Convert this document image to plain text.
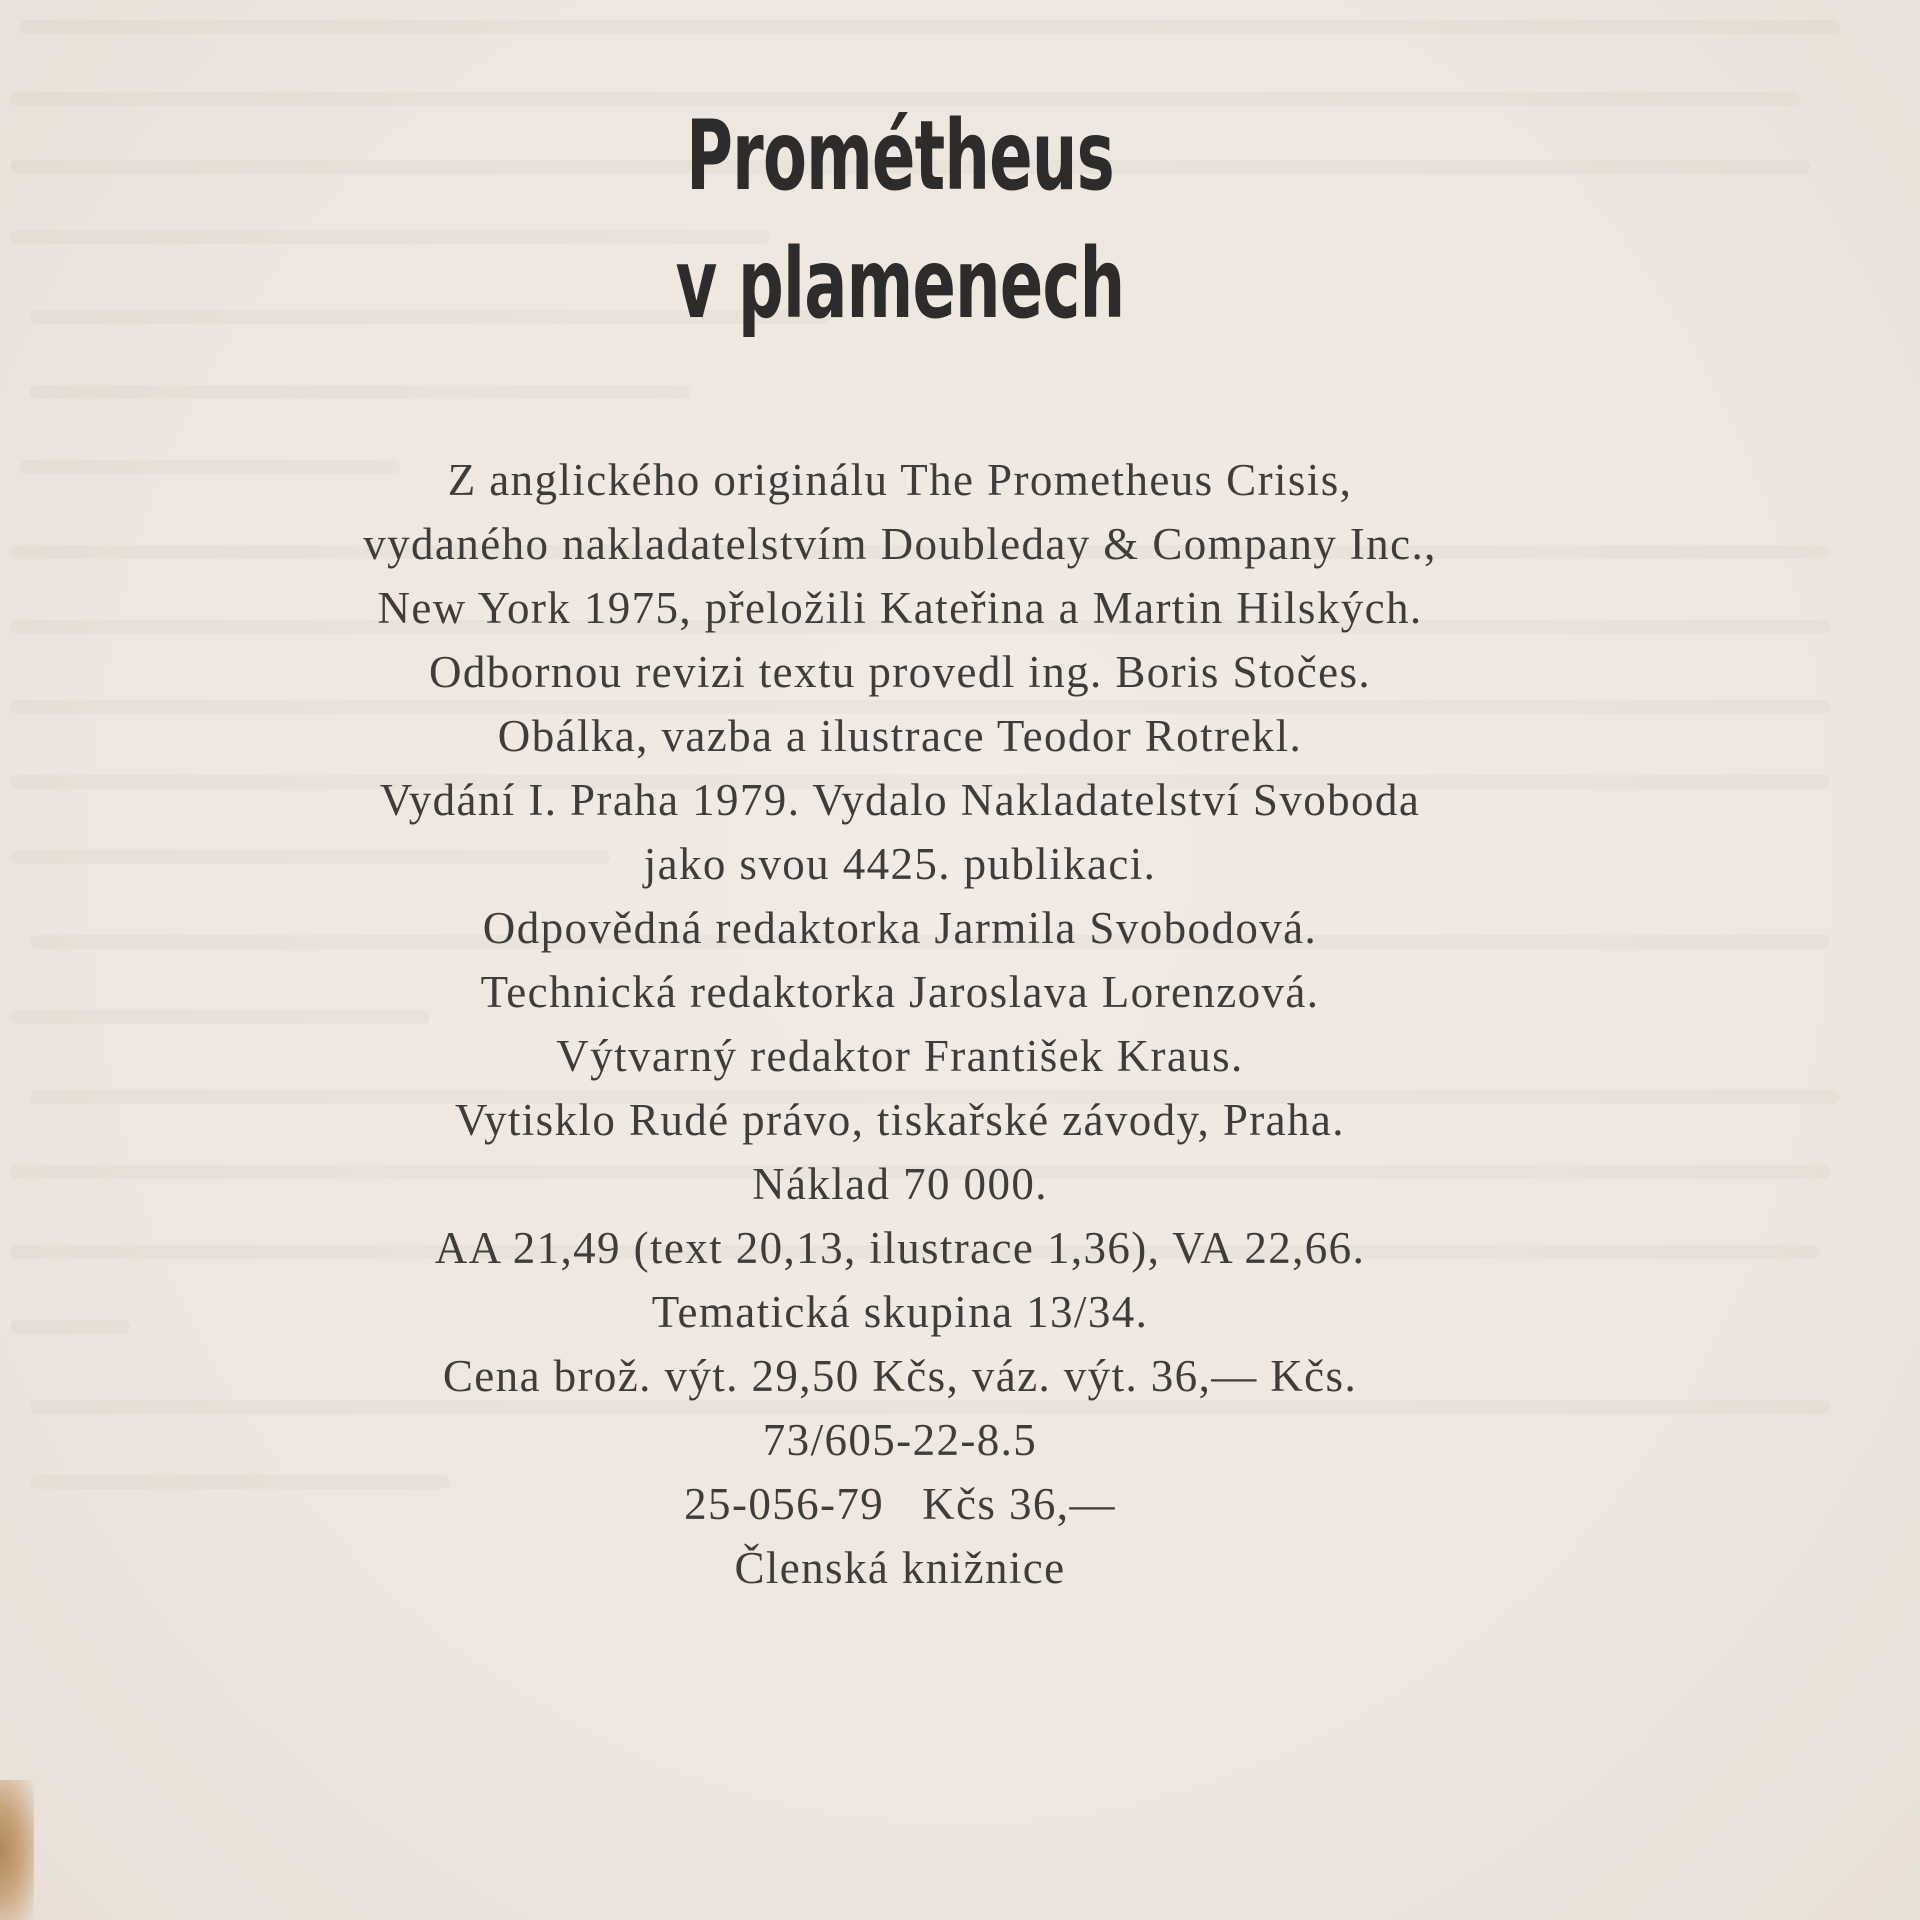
Prométheus
v plamenech
Z anglického originálu The Prometheus Crisis,
vydaného nakladatelstvím Doubleday & Company Inc.,
New York 1975, přeložili Kateřina a Martin Hilských.
Odbornou revizi textu provedl ing. Boris Stočes.
Obálka, vazba a ilustrace Teodor Rotrekl.
Vydání I. Praha 1979. Vydalo Nakladatelství Svoboda
jako svou 4425. publikaci.
Odpovědná redaktorka Jarmila Svobodová.
Technická redaktorka Jaroslava Lorenzová.
Výtvarný redaktor František Kraus.
Vytisklo Rudé právo, tiskařské závody, Praha.
Náklad 70 000.
AA 21,49 (text 20,13, ilustrace 1,36), VA 22,66.
Tematická skupina 13/34.
Cena brož. výt. 29,50 Kčs, váz. výt. 36,— Kčs.
73/605-22-8.5
25-056-79   Kčs 36,—
Členská knižnice
